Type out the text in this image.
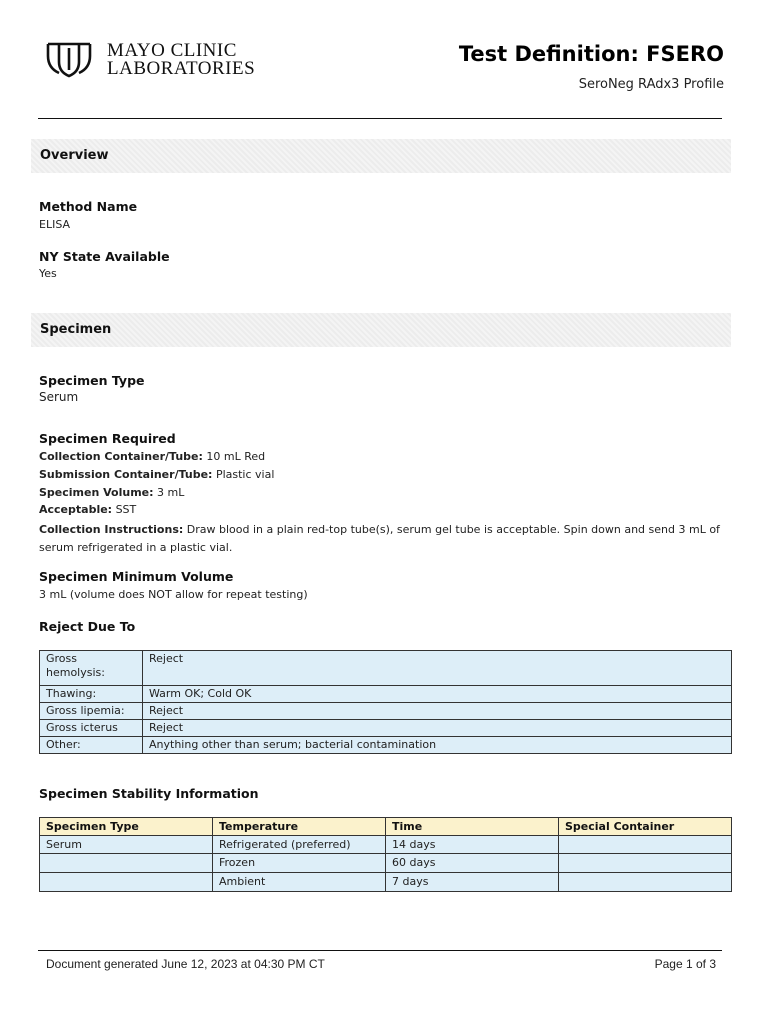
MAYO CLINIC
LABORATORIES
Test Definition: FSERO
SeroNeg RAdx3 Profile
Overview
Method Name
ELISA
NY State Available
Yes
Specimen
Specimen Type
Serum
Specimen Required
Collection Container/Tube: 10 mL Red
Submission Container/Tube: Plastic vial
Specimen Volume: 3 mL
Acceptable: SST
Collection Instructions: Draw blood in a plain red-top tube(s), serum gel tube is acceptable. Spin down and send 3 mL of serum refrigerated in a plastic vial.
Specimen Minimum Volume
3 mL (volume does NOT allow for repeat testing)
Reject Due To
Gross hemolysis:	Reject
Thawing:	Warm OK; Cold OK
Gross lipemia:	Reject
Gross icterus	Reject
Other:	Anything other than serum; bacterial contamination
Specimen Stability Information
Specimen Type	Temperature	Time	Special Container
Serum	Refrigerated (preferred)	14 days	
	Frozen	60 days	
	Ambient	7 days	
Document generated June 12, 2023 at 04:30 PM CT	Page 1 of 3
